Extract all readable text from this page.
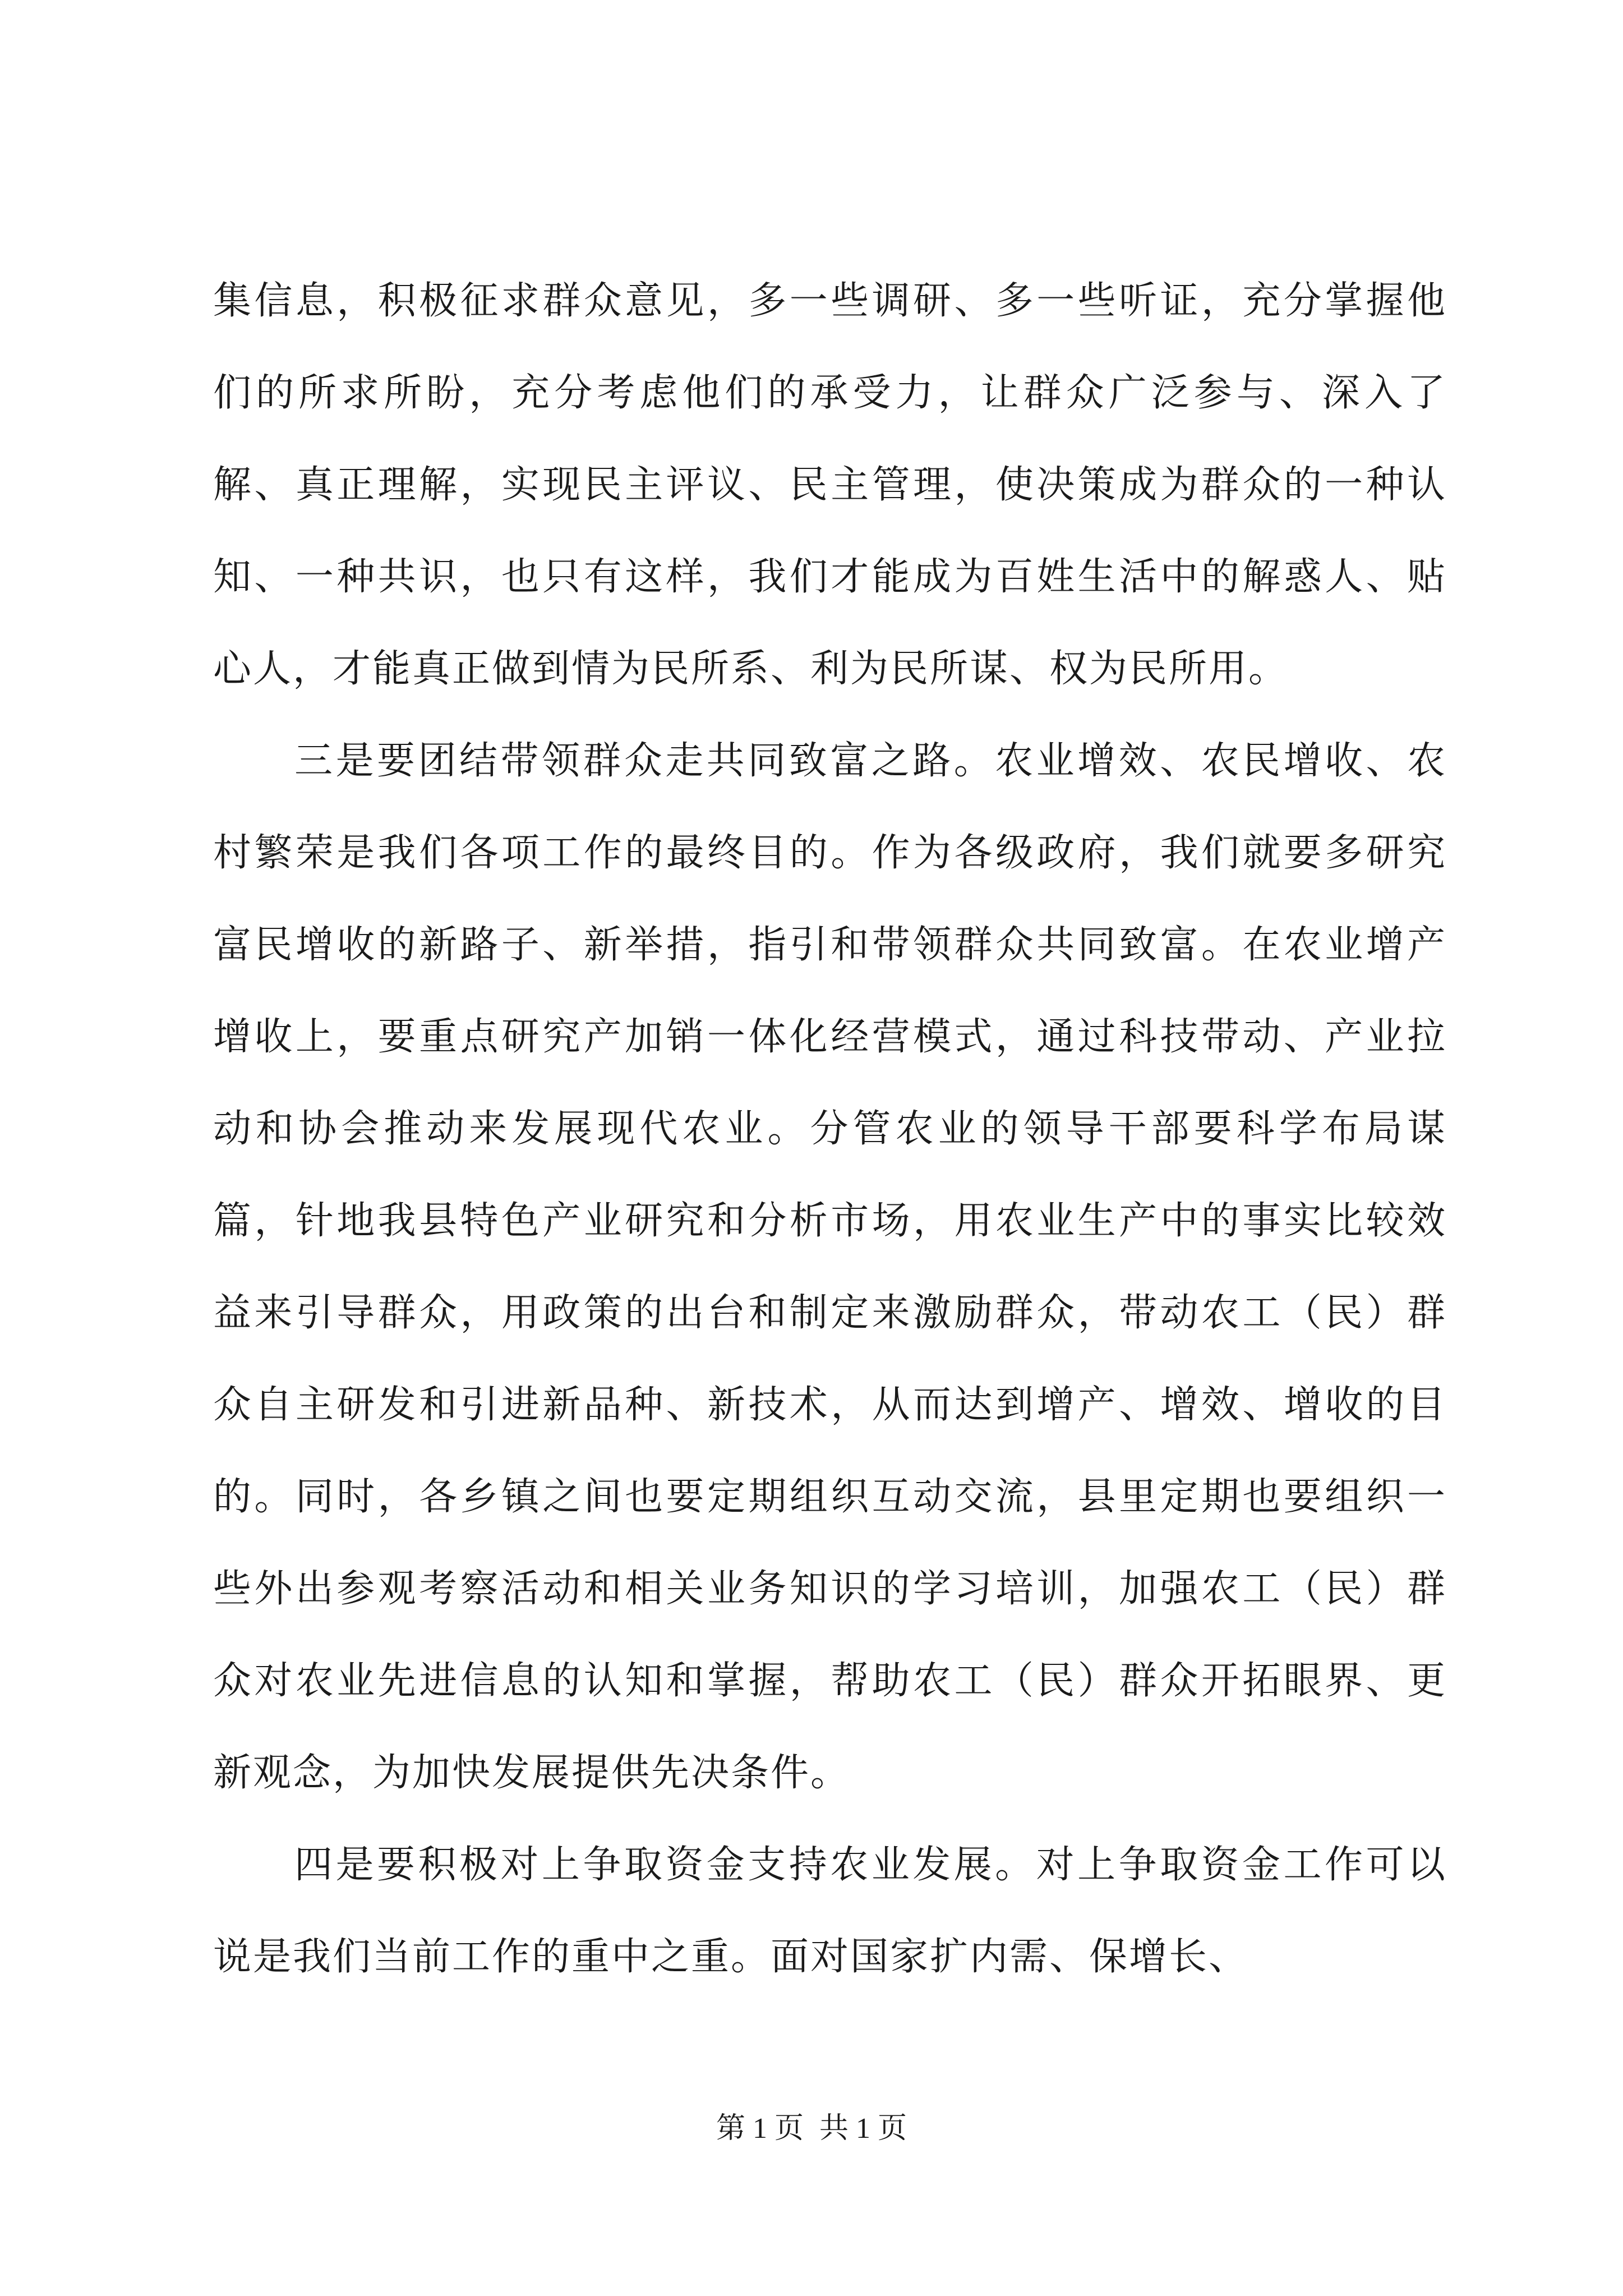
集信息，积极征求群众意见，多一些调研、多一些听证，充分掌握他们的所求所盼，充分考虑他们的承受力，让群众广泛参与、深入了解、真正理解，实现民主评议、民主管理，使决策成为群众的一种认知、一种共识，也只有这样，我们才能成为百姓生活中的解惑人、贴心人，才能真正做到情为民所系、利为民所谋、权为民所用。

三是要团结带领群众走共同致富之路。农业增效、农民增收、农村繁荣是我们各项工作的最终目的。作为各级政府，我们就要多研究富民增收的新路子、新举措，指引和带领群众共同致富。在农业增产增收上，要重点研究产加销一体化经营模式，通过科技带动、产业拉动和协会推动来发展现代农业。分管农业的领导干部要科学布局谋篇，针地我县特色产业研究和分析市场，用农业生产中的事实比较效益来引导群众，用政策的出台和制定来激励群众，带动农工（民）群众自主研发和引进新品种、新技术，从而达到增产、增效、增收的目的。同时，各乡镇之间也要定期组织互动交流，县里定期也要组织一些外出参观考察活动和相关业务知识的学习培训，加强农工（民）群众对农业先进信息的认知和掌握，帮助农工（民）群众开拓眼界、更新观念，为加快发展提供先决条件。

四是要积极对上争取资金支持农业发展。对上争取资金工作可以说是我们当前工作的重中之重。面对国家扩内需、保增长、

第 1 页 共 1 页
